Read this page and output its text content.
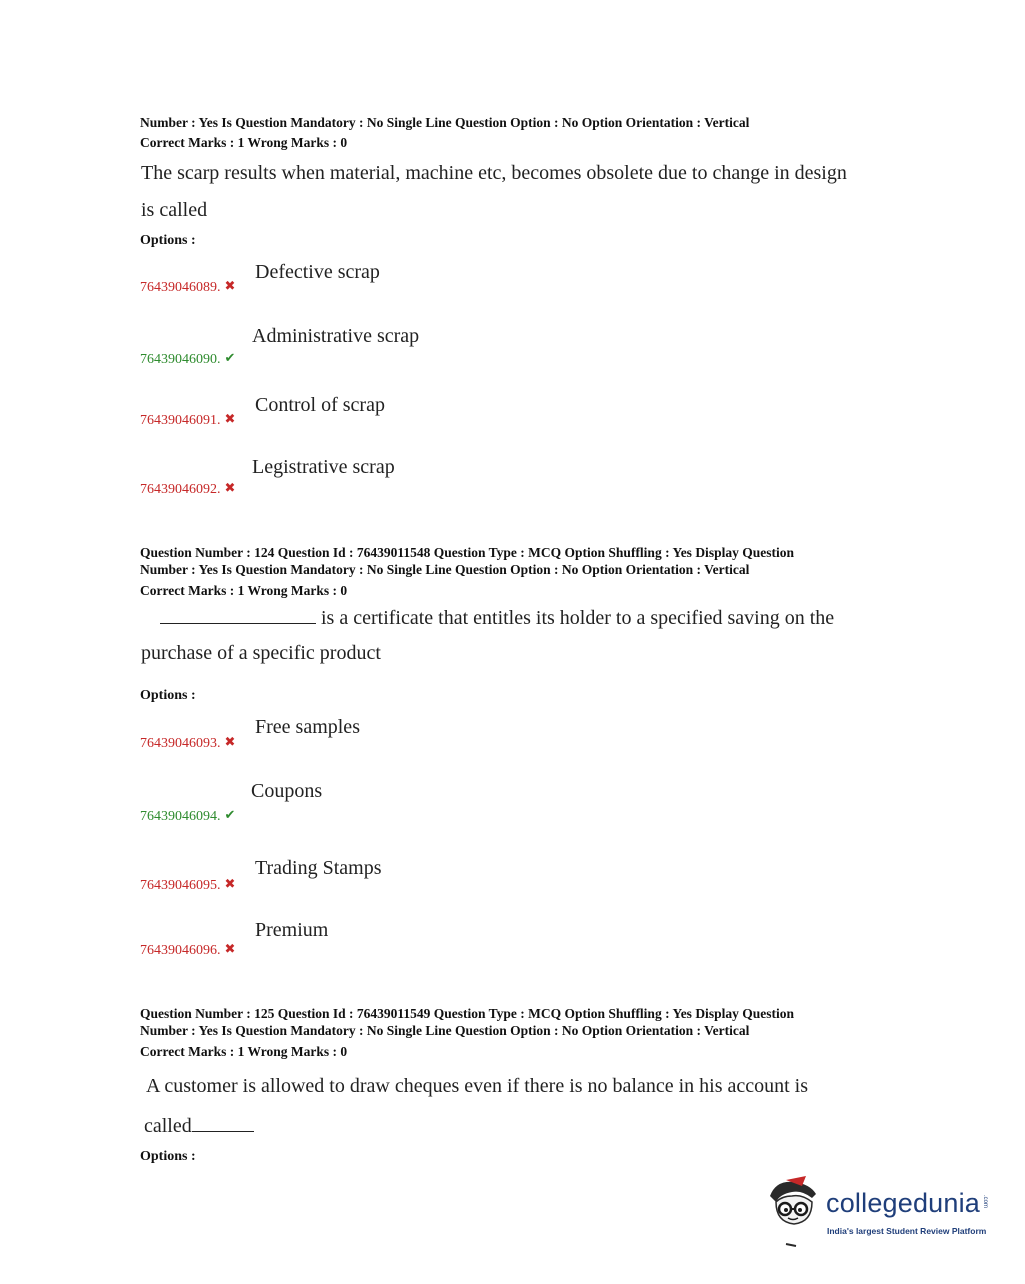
Number : Yes Is Question Mandatory : No Single Line Question Option : No Option Orientation : Vertical
Correct Marks : 1 Wrong Marks : 0
The scarp results when material, machine etc, becomes obsolete due to change in design
is called
Options :
Defective scrap
76439046089. ✖
Administrative scrap
76439046090. ✔
Control of scrap
76439046091. ✖
Legistrative scrap
76439046092. ✖
Question Number : 124 Question Id : 76439011548 Question Type : MCQ Option Shuffling : Yes Display Question
Number : Yes Is Question Mandatory : No Single Line Question Option : No Option Orientation : Vertical
Correct Marks : 1 Wrong Marks : 0
is a certificate that entitles its holder to a specified saving on the
purchase of a specific product
Options :
Free samples
76439046093. ✖
Coupons
76439046094. ✔
Trading Stamps
76439046095. ✖
Premium
76439046096. ✖
Question Number : 125 Question Id : 76439011549 Question Type : MCQ Option Shuffling : Yes Display Question
Number : Yes Is Question Mandatory : No Single Line Question Option : No Option Orientation : Vertical
Correct Marks : 1 Wrong Marks : 0
A customer is allowed to draw cheques even if there is no balance in his account is
called
Options :
collegedunia .com
India's largest Student Review Platform
